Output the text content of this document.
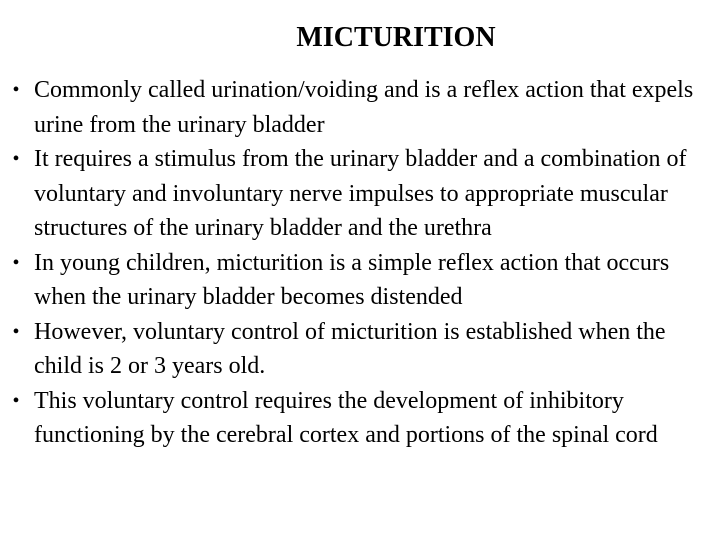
MICTURITION
• Commonly called urination/voiding and is a reflex action that expels urine from the urinary bladder
• It requires a stimulus from the urinary bladder and a combination of voluntary and involuntary nerve impulses to appropriate muscular structures of the urinary bladder and the urethra
• In young children, micturition is a simple reflex action that occurs when the urinary bladder becomes distended
• However, voluntary control of micturition is established when the child is 2 or 3 years old.
• This voluntary control requires the development of inhibitory functioning by the cerebral cortex and portions of the spinal cord
